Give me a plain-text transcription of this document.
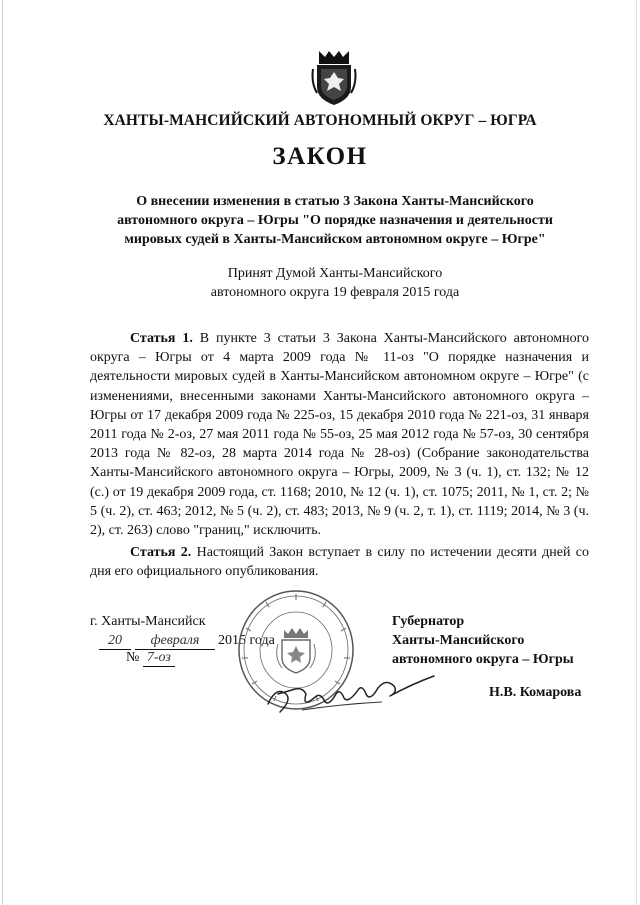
ХАНТЫ-МАНСИЙСКИЙ АВТОНОМНЫЙ ОКРУГ – ЮГРА
ЗАКОН
О внесении изменения в статью 3 Закона Ханты-Мансийского
автономного округа – Югры "О порядке назначения и деятельности
мировых судей в Ханты-Мансийском автономном округе – Югре"
Принят Думой Ханты-Мансийского
автономного округа 19 февраля 2015 года
Статья 1. В пункте 3 статьи 3 Закона Ханты-Мансийского автономного округа – Югры от 4 марта 2009 года № 11-оз "О порядке назначения и деятельности мировых судей в Ханты-Мансийском автономном округе – Югре" (с изменениями, внесенными законами Ханты-Мансийского автономного округа – Югры от 17 декабря 2009 года № 225-оз, 15 декабря 2010 года № 221-оз, 31 января 2011 года № 2-оз, 27 мая 2011 года № 55-оз, 25 мая 2012 года № 57-оз, 30 сентября 2013 года № 82-оз, 28 марта 2014 года № 28-оз) (Собрание законодательства Ханты-Мансийского автономного округа – Югры, 2009, № 3 (ч. 1), ст. 132; № 12 (с.) от 19 декабря 2009 года, ст. 1168; 2010, № 12 (ч. 1), ст. 1075; 2011, № 1, ст. 2; № 5 (ч. 2), ст. 463; 2012, № 5 (ч. 2), ст. 483; 2013, № 9 (ч. 2, т. 1), ст. 1119; 2014, № 3 (ч. 2), ст. 263) слово "границ," исключить.
Статья 2. Настоящий Закон вступает в силу по истечении десяти дней со дня его официального опубликования.
г. Ханты-Мансийск
20 февраля 2015 года
№ 7-оз
Губернатор
Ханты-Мансийского
автономного округа – Югры
Н.В. Комарова
